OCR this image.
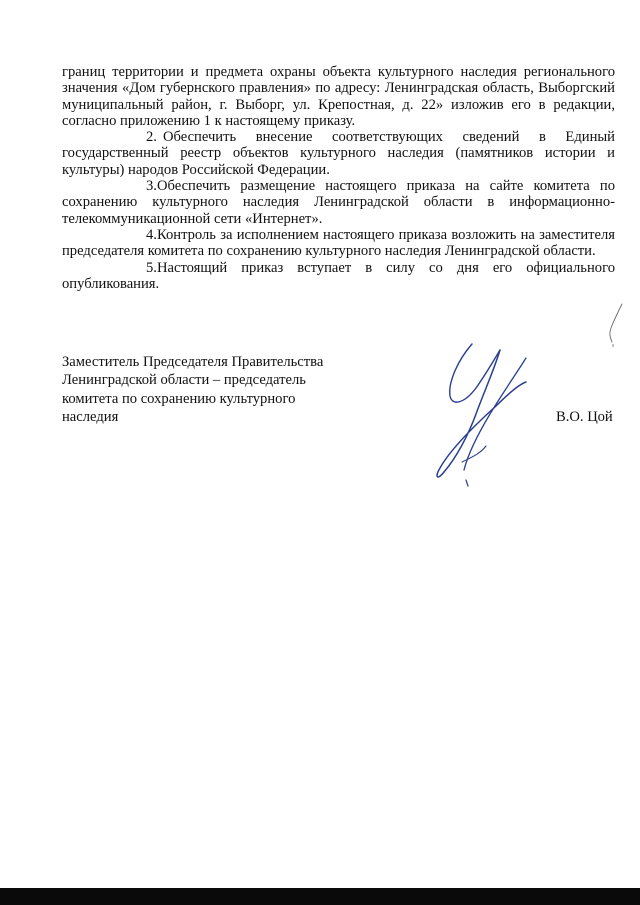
границ территории и предмета охраны объекта культурного наследия регионального значения «Дом губернского правления» по адресу: Ленинградская область, Выборгский муниципальный район, г. Выборг, ул. Крепостная, д. 22» изложив его в редакции, согласно приложению 1 к настоящему приказу.

2. Обеспечить внесение соответствующих сведений в Единый государственный реестр объектов культурного наследия (памятников истории и культуры) народов Российской Федерации.

3.Обеспечить размещение настоящего приказа на сайте комитета по сохранению культурного наследия Ленинградской области в информационно-телекоммуникационной сети «Интернет».

4.Контроль за исполнением настоящего приказа возложить на заместителя председателя комитета по сохранению культурного наследия Ленинградской области.

5.Настоящий приказ вступает в силу со дня его официального опубликования.

Заместитель Председателя Правительства

Ленинградской области – председатель

комитета по сохранению культурного

наследия	В.О. Цой
